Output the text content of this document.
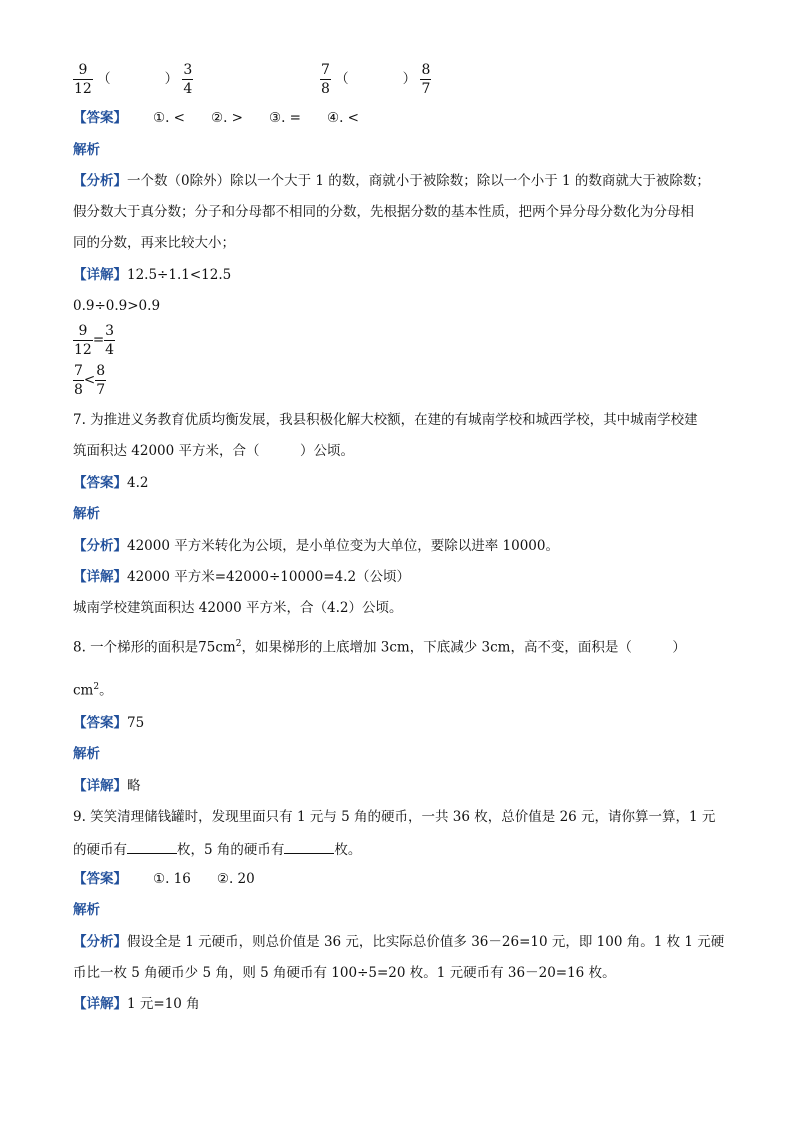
$\frac{9}{12}$ （　　　　） $\frac{3}{4}$
	$\frac{7}{8}$ （　　　　） $\frac{8}{7}$
【答案】 ①. < ②. > ③. = ④. <
解析
【分析】一个数（0除外）除以一个大于 1 的数，商就小于被除数；除以一个小于 1 的数商就大于被除数；
假分数大于真分数；分子和分母都不相同的分数，先根据分数的基本性质，把两个异分母分数化为分母相
同的分数，再来比较大小；
【详解】12.5÷1.1<12.5
0.9÷0.9>0.9
$\frac{9}{12} = \frac{3}{4}$
$\frac{7}{8} < \frac{8}{7}$
7. 为推进义务教育优质均衡发展，我县积极化解大校额，在建的有城南学校和城西学校，其中城南学校建
筑面积达 42000 平方米，合（　　　）公顷。
【答案】4.2
解析
【分析】42000 平方米转化为公顷，是小单位变为大单位，要除以进率 10000。
【详解】42000 平方米=42000÷10000=4.2（公顷）
城南学校建筑面积达 42000 平方米，合（4.2）公顷。
8. 一个梯形的面积是$75cm^2$，如果梯形的上底增加 3cm，下底减少 3cm，高不变，面积是（　　　）
$cm^2$。
【答案】75
解析
【详解】略
9. 笑笑清理储钱罐时，发现里面只有 1 元与 5 角的硬币，一共 36 枚，总价值是 26 元，请你算一算，1 元
的硬币有	枚，5 角的硬币有	枚。
【答案】 ①. 16 ②. 20
解析
【分析】假设全是 1 元硬币，则总价值是 36 元，比实际总价值多 36－26=10 元，即 100 角。1 枚 1 元硬
币比一枚 5 角硬币少 5 角，则 5 角硬币有 100÷5=20 枚。1 元硬币有 36－20=16 枚。
【详解】1 元=10 角
